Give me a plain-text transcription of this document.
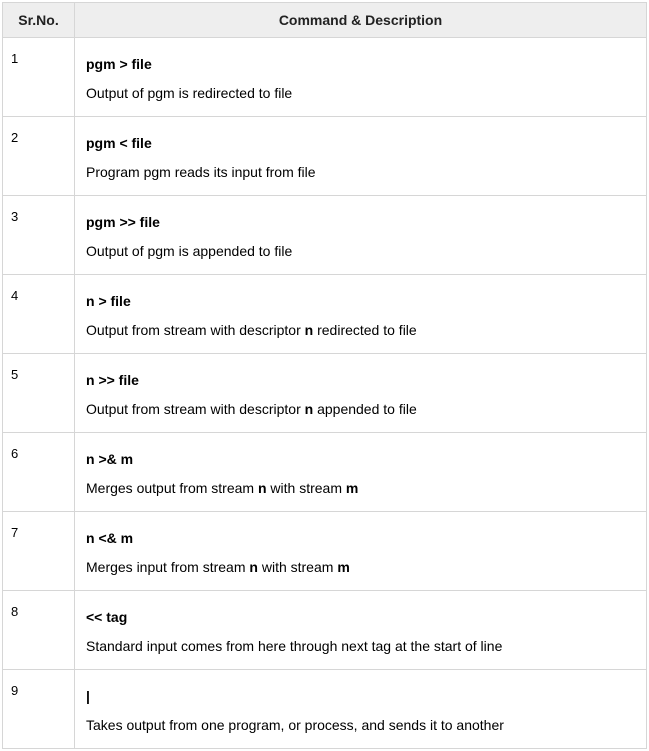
Sr.No.	Command & Description
1	pgm > file
Output of pgm is redirected to file

2	pgm < file
Program pgm reads its input from file

3	pgm >> file
Output of pgm is appended to file

4	n > file
Output from stream with descriptor n redirected to file

5	n >> file
Output from stream with descriptor n appended to file

6	n >& m
Merges output from stream n with stream m

7	n <& m
Merges input from stream n with stream m

8	<< tag
Standard input comes from here through next tag at the start of line

9	|
Takes output from one program, or process, and sends it to another
